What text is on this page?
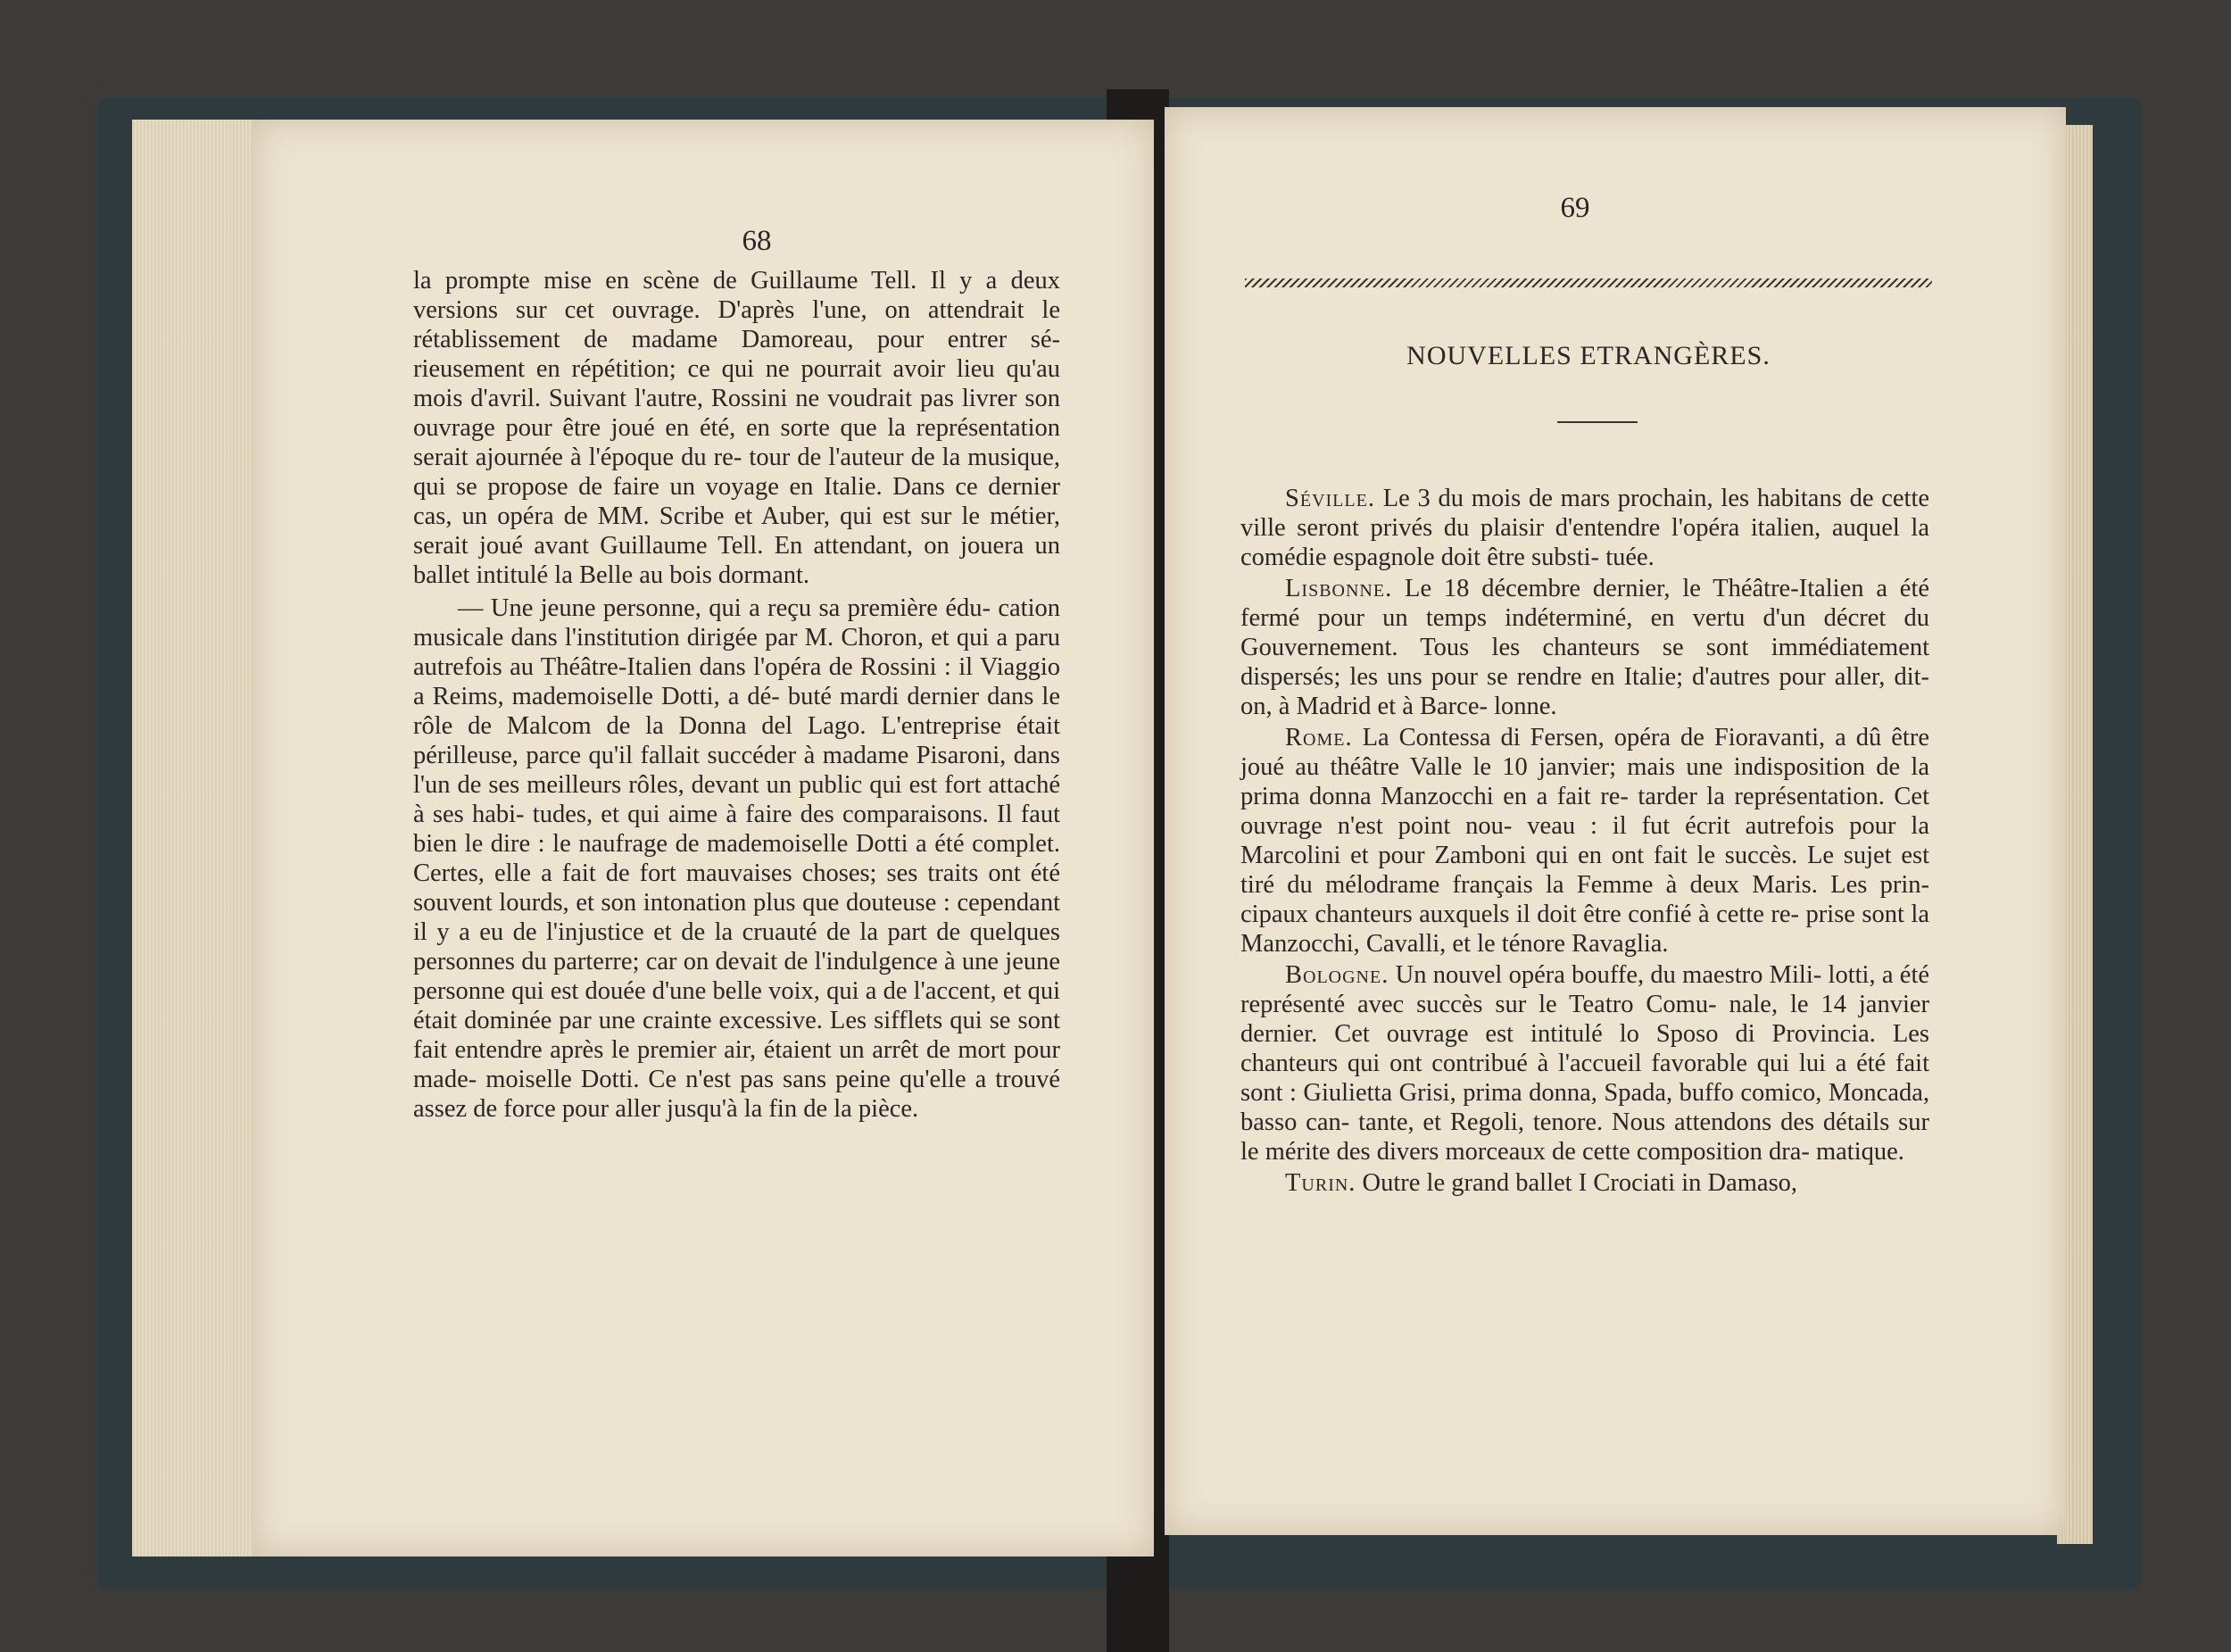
68

la prompte mise en scène de Guillaume Tell. Il y a deux versions sur cet ouvrage. D'après l'une, on attendrait le rétablissement de madame Damoreau, pour entrer sé- rieusement en répétition; ce qui ne pourrait avoir lieu qu'au mois d'avril. Suivant l'autre, Rossini ne voudrait pas livrer son ouvrage pour être joué en été, en sorte que la représentation serait ajournée à l'époque du re- tour de l'auteur de la musique, qui se propose de faire un voyage en Italie. Dans ce dernier cas, un opéra de MM. Scribe et Auber, qui est sur le métier, serait joué avant Guillaume Tell. En attendant, on jouera un ballet intitulé la Belle au bois dormant.

— Une jeune personne, qui a reçu sa première édu- cation musicale dans l'institution dirigée par M. Choron, et qui a paru autrefois au Théâtre-Italien dans l'opéra de Rossini : il Viaggio a Reims, mademoiselle Dotti, a dé- buté mardi dernier dans le rôle de Malcom de la Donna del Lago. L'entreprise était périlleuse, parce qu'il fallait succéder à madame Pisaroni, dans l'un de ses meilleurs rôles, devant un public qui est fort attaché à ses habi- tudes, et qui aime à faire des comparaisons. Il faut bien le dire : le naufrage de mademoiselle Dotti a été complet. Certes, elle a fait de fort mauvaises choses; ses traits ont été souvent lourds, et son intonation plus que douteuse : cependant il y a eu de l'injustice et de la cruauté de la part de quelques personnes du parterre; car on devait de l'indulgence à une jeune personne qui est douée d'une belle voix, qui a de l'accent, et qui était dominée par une crainte excessive. Les sifflets qui se sont fait entendre après le premier air, étaient un arrêt de mort pour made- moiselle Dotti. Ce n'est pas sans peine qu'elle a trouvé assez de force pour aller jusqu'à la fin de la pièce.

69
NOUVELLES ETRANGÈRES.

Séville. Le 3 du mois de mars prochain, les habitans de cette ville seront privés du plaisir d'entendre l'opéra italien, auquel la comédie espagnole doit être substi- tuée.

Lisbonne. Le 18 décembre dernier, le Théâtre-Italien a été fermé pour un temps indéterminé, en vertu d'un décret du Gouvernement. Tous les chanteurs se sont immédiatement dispersés; les uns pour se rendre en Italie; d'autres pour aller, dit-on, à Madrid et à Barce- lonne.

Rome. La Contessa di Fersen, opéra de Fioravanti, a dû être joué au théâtre Valle le 10 janvier; mais une indisposition de la prima donna Manzocchi en a fait re- tarder la représentation. Cet ouvrage n'est point nou- veau : il fut écrit autrefois pour la Marcolini et pour Zamboni qui en ont fait le succès. Le sujet est tiré du mélodrame français la Femme à deux Maris. Les prin- cipaux chanteurs auxquels il doit être confié à cette re- prise sont la Manzocchi, Cavalli, et le ténore Ravaglia.

Bologne. Un nouvel opéra bouffe, du maestro Mili- lotti, a été représenté avec succès sur le Teatro Comu- nale, le 14 janvier dernier. Cet ouvrage est intitulé lo Sposo di Provincia. Les chanteurs qui ont contribué à l'accueil favorable qui lui a été fait sont : Giulietta Grisi, prima donna, Spada, buffo comico, Moncada, basso can- tante, et Regoli, tenore. Nous attendons des détails sur le mérite des divers morceaux de cette composition dra- matique.

Turin. Outre le grand ballet I Crociati in Damaso,
